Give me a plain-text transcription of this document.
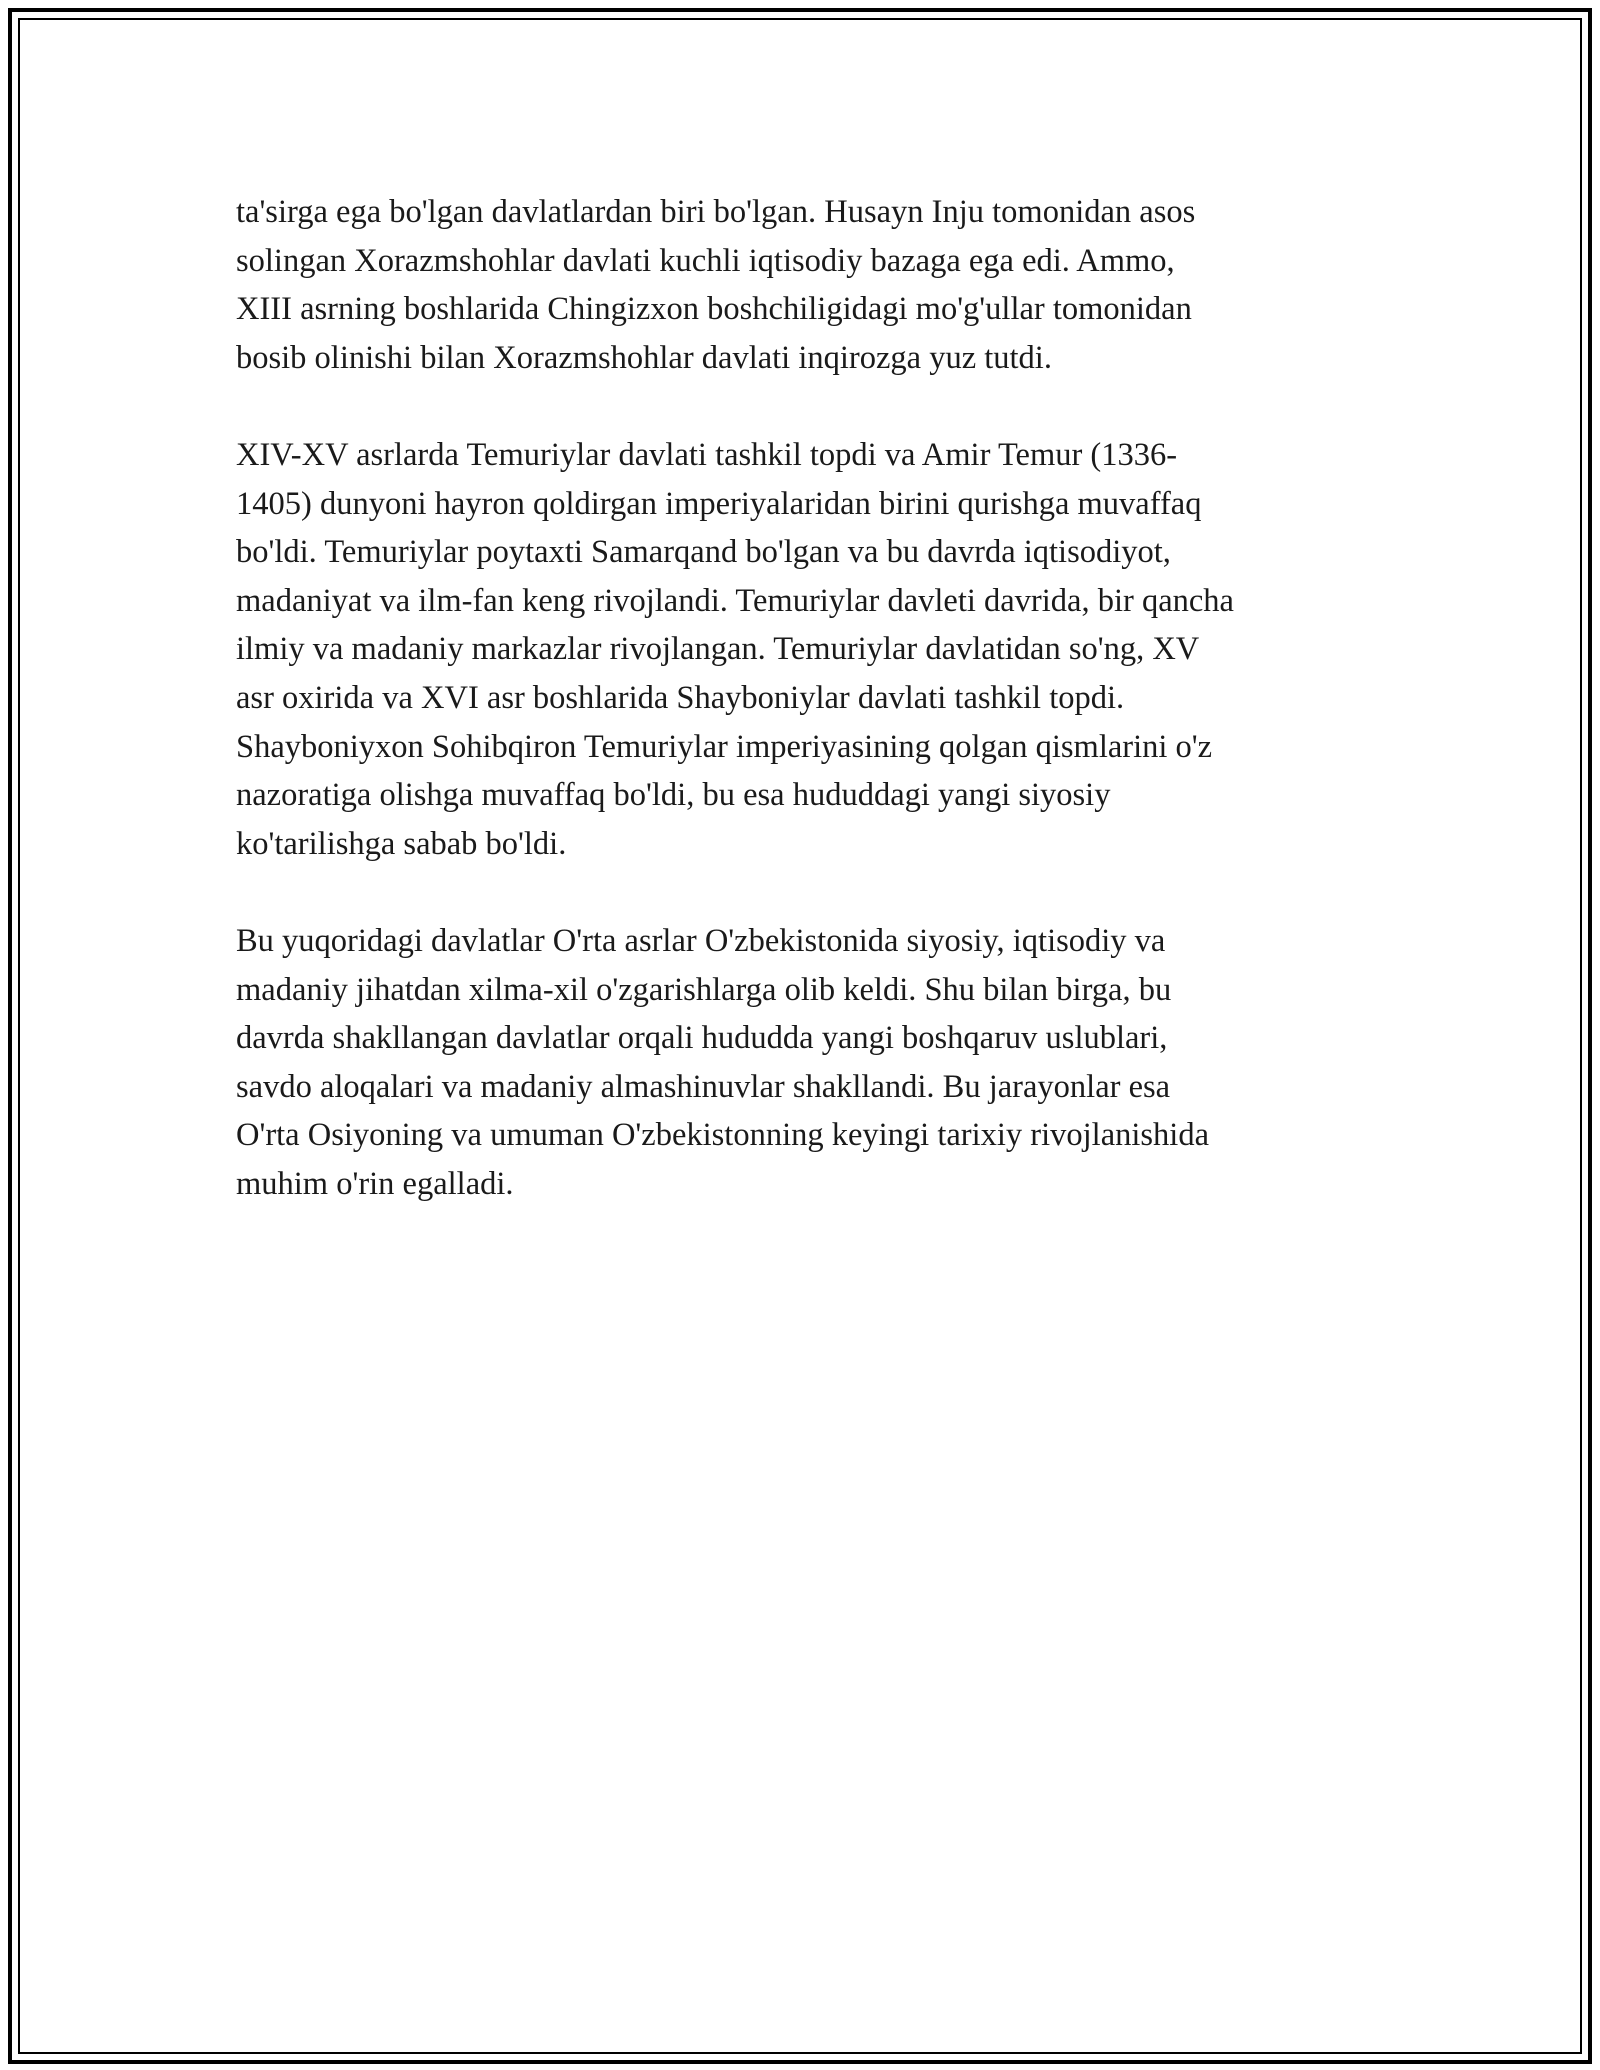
ta'sirga ega bo'lgan davlatlardan biri bo'lgan. Husayn Inju tomonidan asos
solingan Xorazmshohlar davlati kuchli iqtisodiy bazaga ega edi. Ammo,
XIII asrning boshlarida Chingizxon boshchiligidagi mo'g'ullar tomonidan
bosib olinishi bilan Xorazmshohlar davlati inqirozga yuz tutdi.

XIV-XV asrlarda Temuriylar davlati tashkil topdi va Amir Temur (1336-
1405) dunyoni hayron qoldirgan imperiyalaridan birini qurishga muvaffaq
bo'ldi. Temuriylar poytaxti Samarqand bo'lgan va bu davrda iqtisodiyot,
madaniyat va ilm-fan keng rivojlandi. Temuriylar davleti davrida, bir qancha
ilmiy va madaniy markazlar rivojlangan. Temuriylar davlatidan so'ng, XV
asr oxirida va XVI asr boshlarida Shayboniylar davlati tashkil topdi.
Shayboniyxon Sohibqiron Temuriylar imperiyasining qolgan qismlarini o'z
nazoratiga olishga muvaffaq bo'ldi, bu esa hududdagi yangi siyosiy
ko'tarilishga sabab bo'ldi.

Bu yuqoridagi davlatlar O'rta asrlar O'zbekistonida siyosiy, iqtisodiy va
madaniy jihatdan xilma-xil o'zgarishlarga olib keldi. Shu bilan birga, bu
davrda shakllangan davlatlar orqali hududda yangi boshqaruv uslublari,
savdo aloqalari va madaniy almashinuvlar shakllandi. Bu jarayonlar esa
O'rta Osiyoning va umuman O'zbekistonning keyingi tarixiy rivojlanishida
muhim o'rin egalladi.
